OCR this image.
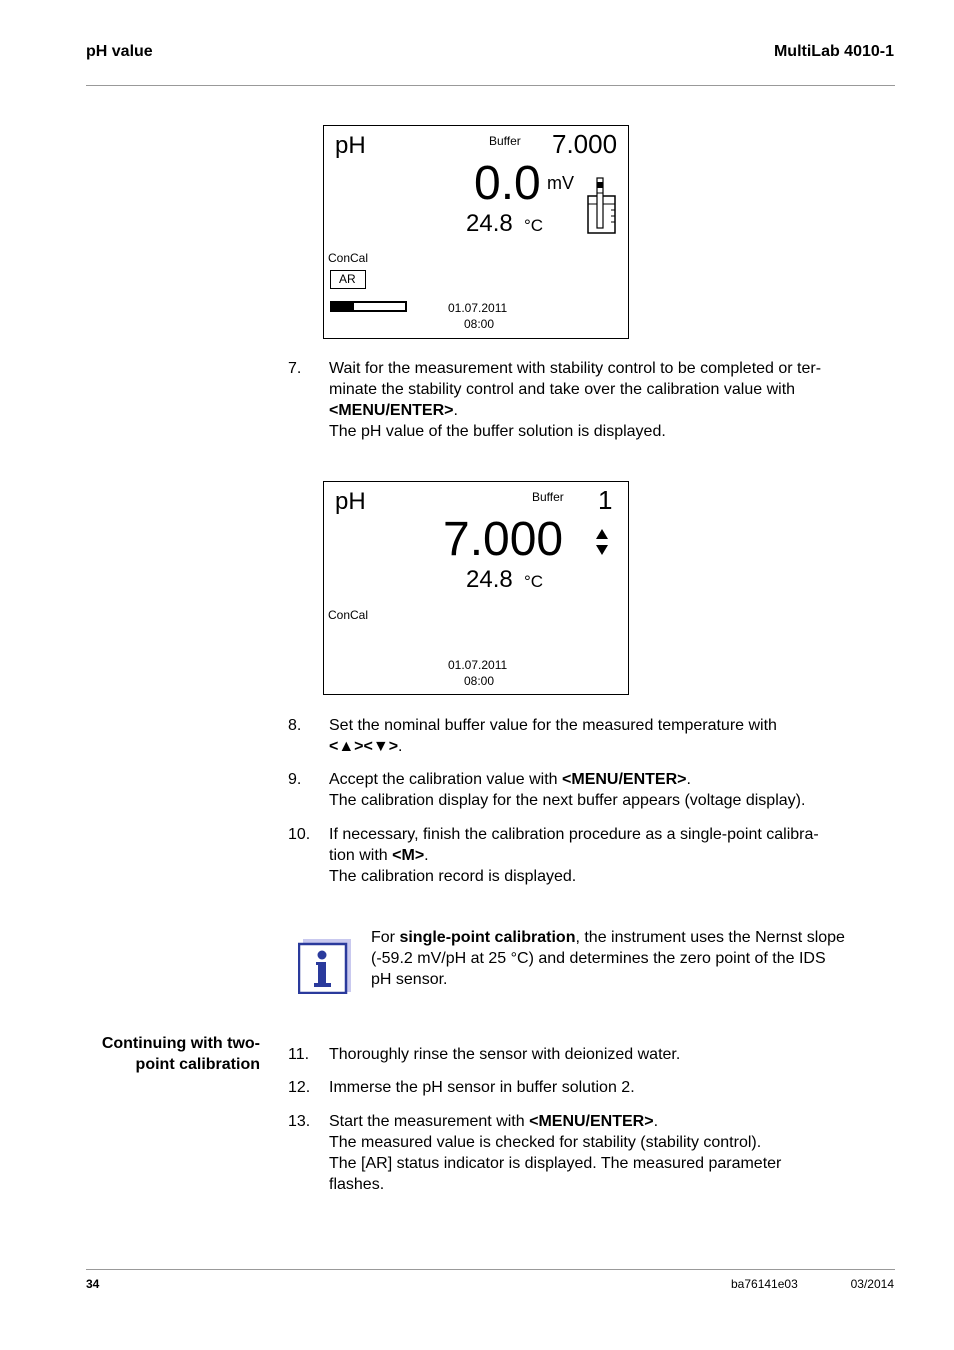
pH value	MultiLab 4010-1
pH	Buffer 7.000
0.0 mV
24.8 °C
ConCal
AR
01.07.2011
08:00
7. Wait for the measurement with stability control to be completed or ter-

minate the stability control and take over the calibration value with

<MENU/ENTER>.

The pH value of the buffer solution is displayed.

pH	Buffer 1
7.000
24.8 °C
ConCal
01.07.2011
08:00
8. Set the nominal buffer value for the measured temperature with

<▲><▼>.

9. Accept the calibration value with <MENU/ENTER>.

The calibration display for the next buffer appears (voltage display).

10. If necessary, finish the calibration procedure as a single-point calibra-

tion with <M>.

The calibration record is displayed.

For single-point calibration, the instrument uses the Nernst slope
(-59.2 mV/pH at 25 °C) and determines the zero point of the IDS
pH sensor.
Continuing with two-
point calibration
11. Thoroughly rinse the sensor with deionized water.

12. Immerse the pH sensor in buffer solution 2.

13. Start the measurement with <MENU/ENTER>.

The measured value is checked for stability (stability control).

The [AR] status indicator is displayed. The measured parameter

flashes.

34	ba76141e03	03/2014
